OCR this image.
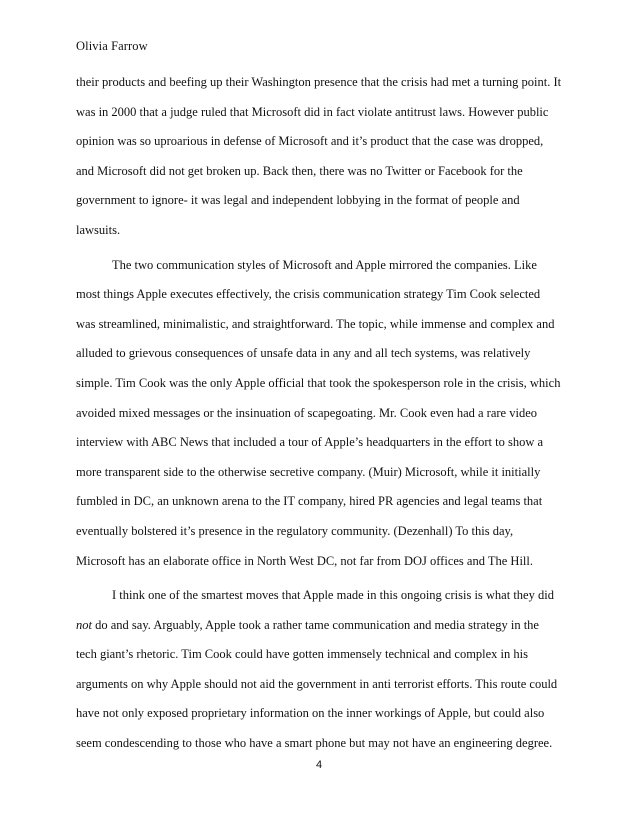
Olivia Farrow
their products and beefing up their Washington presence that the crisis had met a turning point. It
was in 2000 that a judge ruled that Microsoft did in fact violate antitrust laws. However public
opinion was so uproarious in defense of Microsoft and it’s product that the case was dropped,
and Microsoft did not get broken up. Back then, there was no Twitter or Facebook for the
government to ignore- it was legal and independent lobbying in the format of people and
lawsuits.
The two communication styles of Microsoft and Apple mirrored the companies. Like
most things Apple executes effectively, the crisis communication strategy Tim Cook selected
was streamlined, minimalistic, and straightforward. The topic, while immense and complex and
alluded to grievous consequences of unsafe data in any and all tech systems, was relatively
simple. Tim Cook was the only Apple official that took the spokesperson role in the crisis, which
avoided mixed messages or the insinuation of scapegoating. Mr. Cook even had a rare video
interview with ABC News that included a tour of Apple’s headquarters in the effort to show a
more transparent side to the otherwise secretive company. (Muir) Microsoft, while it initially
fumbled in DC, an unknown arena to the IT company, hired PR agencies and legal teams that
eventually bolstered it’s presence in the regulatory community. (Dezenhall) To this day,
Microsoft has an elaborate office in North West DC, not far from DOJ offices and The Hill.
I think one of the smartest moves that Apple made in this ongoing crisis is what they did
not do and say. Arguably, Apple took a rather tame communication and media strategy in the
tech giant’s rhetoric. Tim Cook could have gotten immensely technical and complex in his
arguments on why Apple should not aid the government in anti terrorist efforts. This route could
have not only exposed proprietary information on the inner workings of Apple, but could also
seem condescending to those who have a smart phone but may not have an engineering degree.
4
